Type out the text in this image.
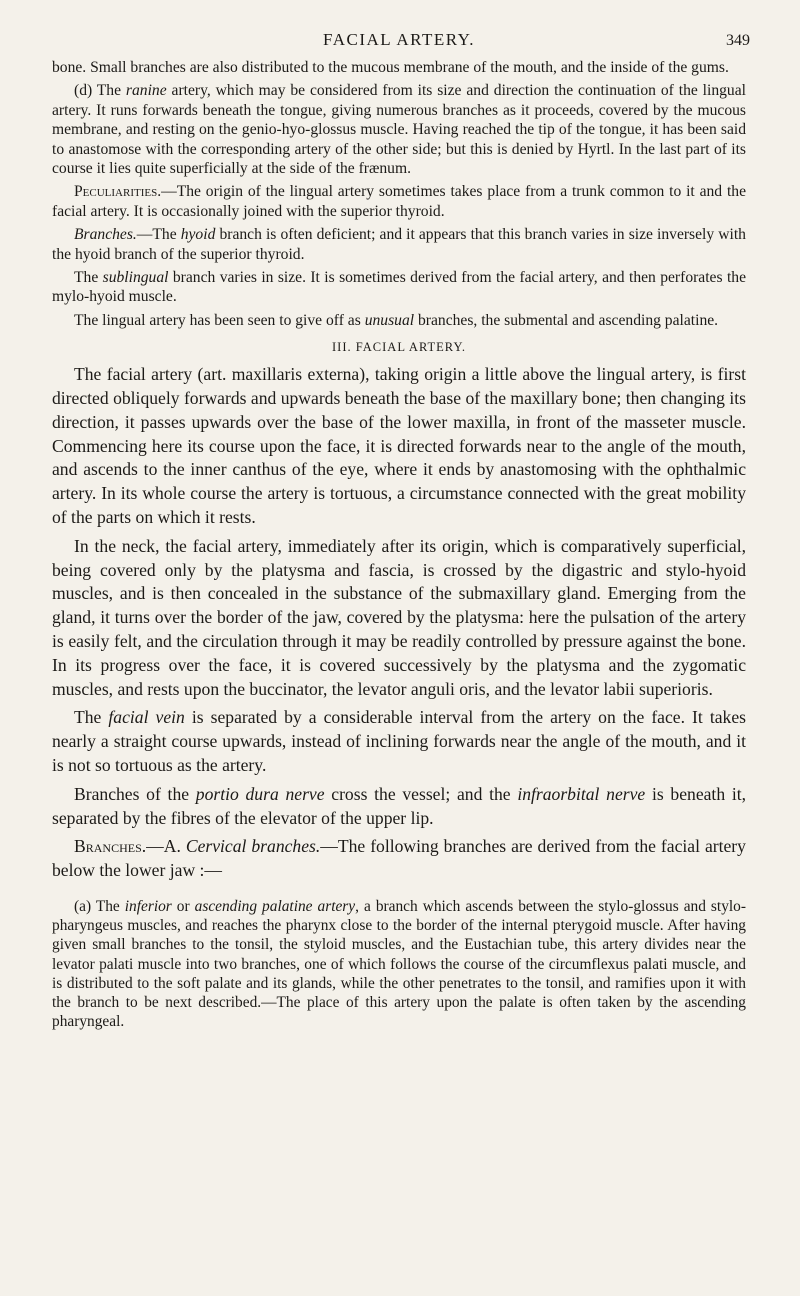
FACIAL ARTERY.	349

bone. Small branches are also distributed to the mucous membrane of the mouth, and the inside of the gums.

(d) The ranine artery, which may be considered from its size and direction the continuation of the lingual artery. It runs forwards beneath the tongue, giving numerous branches as it proceeds, covered by the mucous membrane, and resting on the genio-hyo-glossus muscle. Having reached the tip of the tongue, it has been said to anastomose with the corresponding artery of the other side; but this is denied by Hyrtl. In the last part of its course it lies quite superficially at the side of the frænum.

Peculiarities.—The origin of the lingual artery sometimes takes place from a trunk common to it and the facial artery. It is occasionally joined with the superior thyroid.

Branches.—The hyoid branch is often deficient; and it appears that this branch varies in size inversely with the hyoid branch of the superior thyroid.

The sublingual branch varies in size. It is sometimes derived from the facial artery, and then perforates the mylo-hyoid muscle.

The lingual artery has been seen to give off as unusual branches, the submental and ascending palatine.

III. FACIAL ARTERY.

The facial artery (art. maxillaris externa), taking origin a little above the lingual artery, is first directed obliquely forwards and upwards beneath the base of the maxillary bone; then changing its direction, it passes upwards over the base of the lower maxilla, in front of the masseter muscle. Commencing here its course upon the face, it is directed forwards near to the angle of the mouth, and ascends to the inner canthus of the eye, where it ends by anastomosing with the ophthalmic artery. In its whole course the artery is tortuous, a circumstance connected with the great mobility of the parts on which it rests.

In the neck, the facial artery, immediately after its origin, which is comparatively superficial, being covered only by the platysma and fascia, is crossed by the digastric and stylo-hyoid muscles, and is then concealed in the substance of the submaxillary gland. Emerging from the gland, it turns over the border of the jaw, covered by the platysma: here the pulsation of the artery is easily felt, and the circulation through it may be readily controlled by pressure against the bone. In its progress over the face, it is covered successively by the platysma and the zygomatic muscles, and rests upon the buccinator, the levator anguli oris, and the levator labii superioris.

The facial vein is separated by a considerable interval from the artery on the face. It takes nearly a straight course upwards, instead of inclining forwards near the angle of the mouth, and it is not so tortuous as the artery.

Branches of the portio dura nerve cross the vessel; and the infraorbital nerve is beneath it, separated by the fibres of the elevator of the upper lip.

Branches.—A. Cervical branches.—The following branches are derived from the facial artery below the lower jaw :—

(a) The inferior or ascending palatine artery, a branch which ascends between the stylo-glossus and stylo-pharyngeus muscles, and reaches the pharynx close to the border of the internal pterygoid muscle. After having given small branches to the tonsil, the styloid muscles, and the Eustachian tube, this artery divides near the levator palati muscle into two branches, one of which follows the course of the circumflexus palati muscle, and is distributed to the soft palate and its glands, while the other penetrates to the tonsil, and ramifies upon it with the branch to be next described.—The place of this artery upon the palate is often taken by the ascending pharyngeal.
